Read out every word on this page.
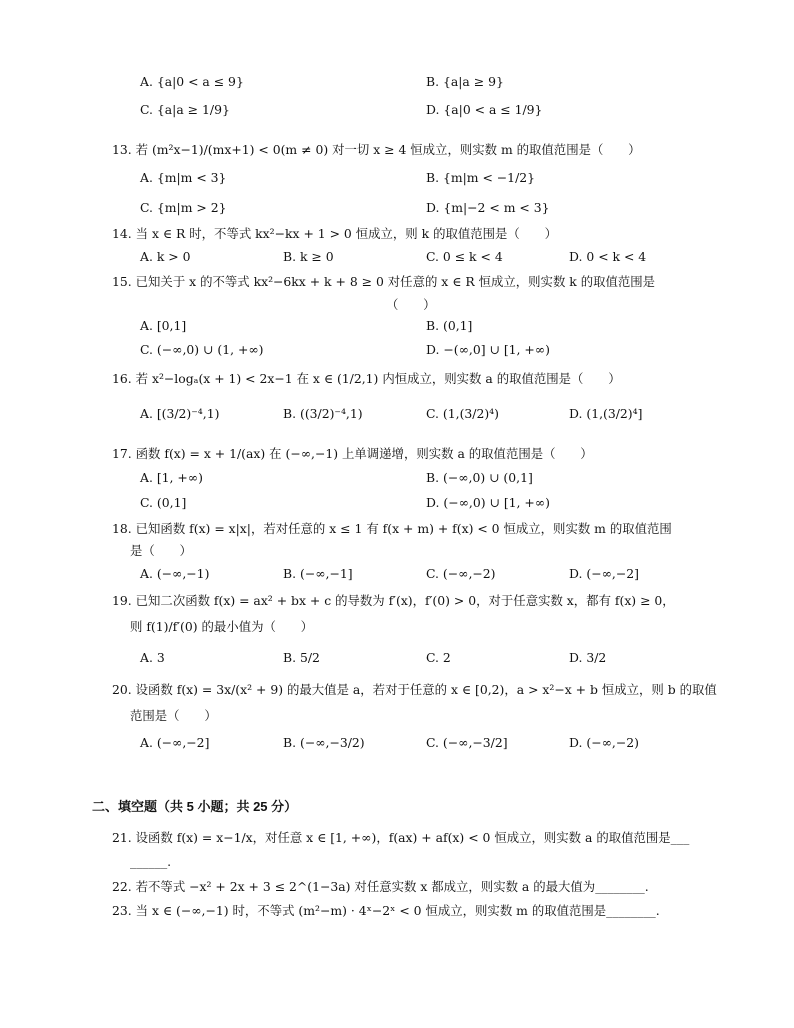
A. {a|0 < a ≤ 9}	B. {a|a ≥ 9}
C. {a|a ≥ 1/9}	D. {a|0 < a ≤ 1/9}
13. 若 (m²x−1)/(mx+1) < 0(m ≠ 0) 对一切 x ≥ 4 恒成立，则实数 m 的取值范围是（　　）
A. {m|m < 3}	B. {m|m < −1/2}
C. {m|m > 2}	D. {m|−2 < m < 3}
14. 当 x ∈ R 时，不等式 kx²−kx + 1 > 0 恒成立，则 k 的取值范围是（　　）
A. k > 0	B. k ≥ 0	C. 0 ≤ k < 4	D. 0 < k < 4
15. 已知关于 x 的不等式 kx²−6kx + k + 8 ≥ 0 对任意的 x ∈ R 恒成立，则实数 k 的取值范围是
（　　）
A. [0,1]	B. (0,1]
C. (−∞,0) ∪ (1, +∞)	D. −(∞,0] ∪ [1, +∞)
16. 若 x²−logₐ(x + 1) < 2x−1 在 x ∈ (1/2,1) 内恒成立，则实数 a 的取值范围是（　　）
A. [(3/2)⁻⁴,1)	B. ((3/2)⁻⁴,1)	C. (1,(3/2)⁴)	D. (1,(3/2)⁴]
17. 函数 f(x) = x + 1/(ax) 在 (−∞,−1) 上单调递增，则实数 a 的取值范围是（　　）
A. [1, +∞)	B. (−∞,0) ∪ (0,1]
C. (0,1]	D. (−∞,0) ∪ [1, +∞)
18. 已知函数 f(x) = x|x|，若对任意的 x ≤ 1 有 f(x + m) + f(x) < 0 恒成立，则实数 m 的取值范围
是（　　）
A. (−∞,−1)	B. (−∞,−1]	C. (−∞,−2)	D. (−∞,−2]
19. 已知二次函数 f(x) = ax² + bx + c 的导数为 f′(x)，f′(0) > 0，对于任意实数 x，都有 f(x) ≥ 0，
则 f(1)/f′(0) 的最小值为（　　）
A. 3	B. 5/2	C. 2	D. 3/2
20. 设函数 f(x) = 3x/(x² + 9) 的最大值是 a，若对于任意的 x ∈ [0,2)，a > x²−x + b 恒成立，则 b 的取值
范围是（　　）
A. (−∞,−2]	B. (−∞,−3/2)	C. (−∞,−3/2]	D. (−∞,−2)
二、填空题（共 5 小题；共 25 分）
21. 设函数 f(x) = x−1/x，对任意 x ∈ [1, +∞)，f(ax) + af(x) < 0 恒成立，则实数 a 的取值范围是___
______.
22. 若不等式 −x² + 2x + 3 ≤ 2^(1−3a) 对任意实数 x 都成立，则实数 a 的最大值为________.
23. 当 x ∈ (−∞,−1) 时，不等式 (m²−m) · 4ˣ−2ˣ < 0 恒成立，则实数 m 的取值范围是________.
